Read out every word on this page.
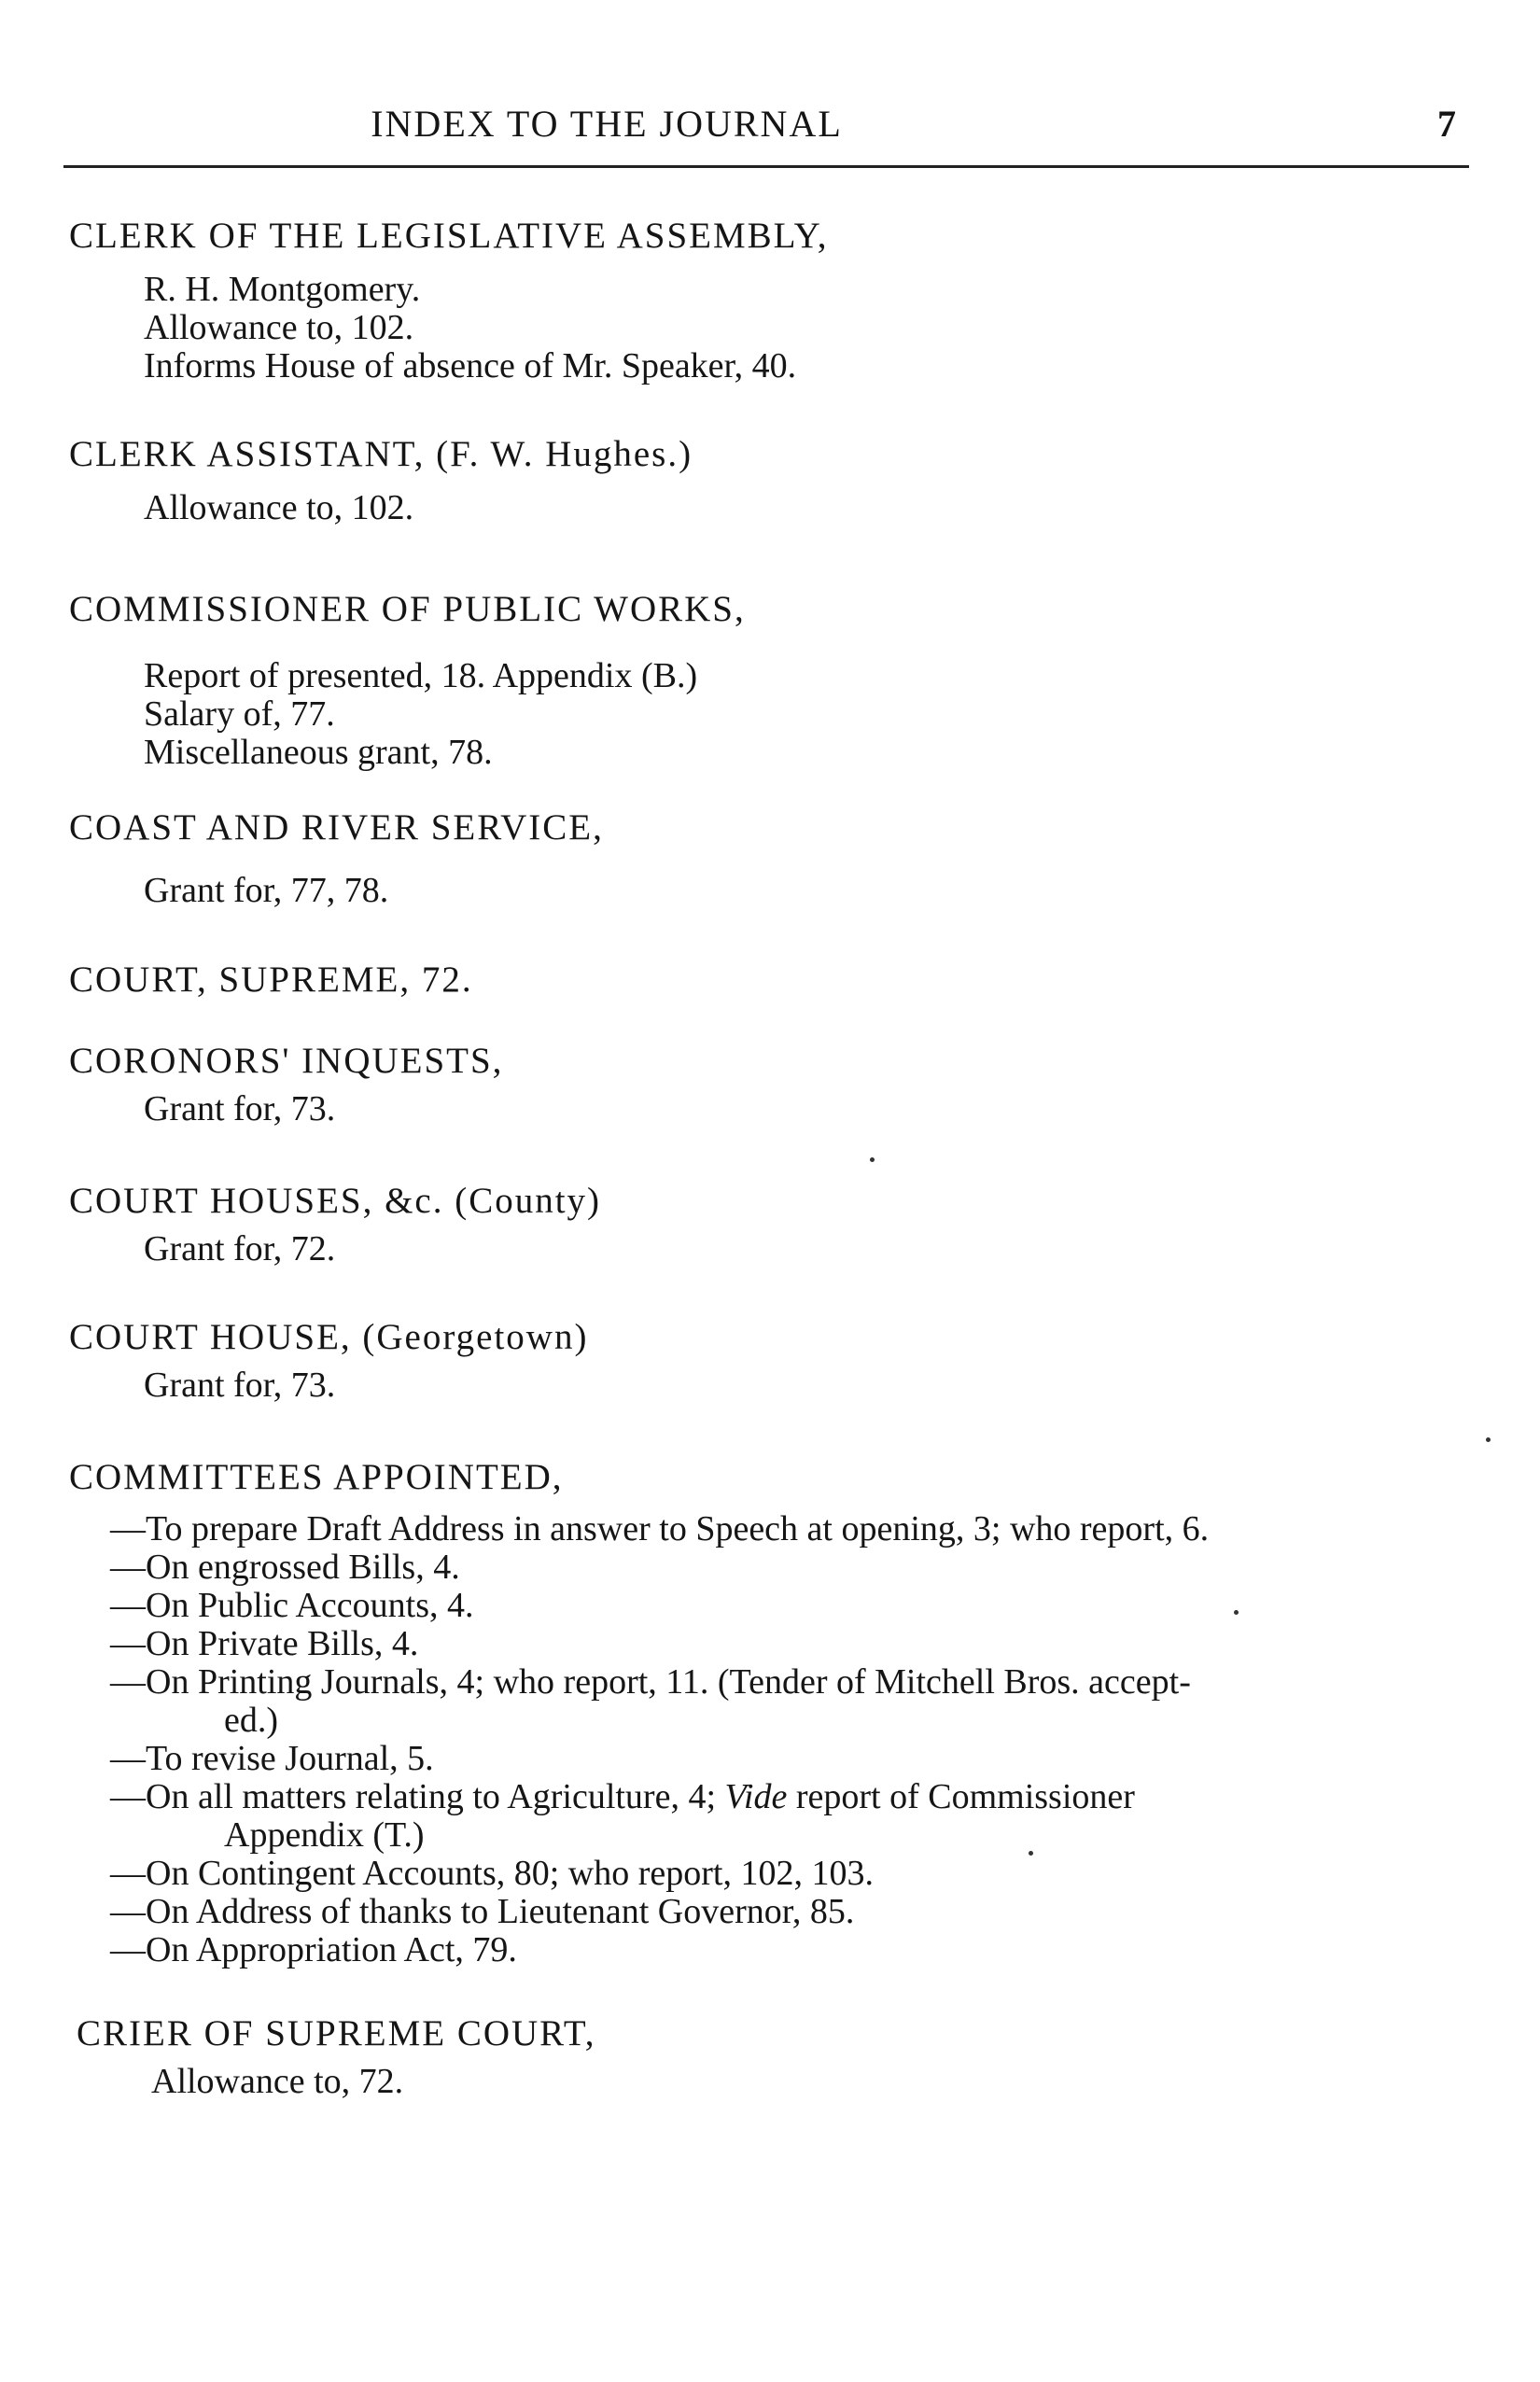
INDEX TO THE JOURNAL	7
CLERK OF THE LEGISLATIVE ASSEMBLY,
R. H. Montgomery.
Allowance to, 102.
Informs House of absence of Mr. Speaker, 40.
CLERK ASSISTANT, (F. W. Hughes.)
Allowance to, 102.
COMMISSIONER OF PUBLIC WORKS,
Report of presented, 18. Appendix (B.)
Salary of, 77.
Miscellaneous grant, 78.
COAST AND RIVER SERVICE,
Grant for, 77, 78.
COURT, SUPREME, 72.
CORONORS' INQUESTS,
Grant for, 73.
COURT HOUSES, &c. (County)
Grant for, 72.
COURT HOUSE, (Georgetown)
Grant for, 73.
COMMITTEES APPOINTED,
—To prepare Draft Address in answer to Speech at opening, 3; who report, 6.
—On engrossed Bills, 4.
—On Public Accounts, 4.
—On Private Bills, 4.
—On Printing Journals, 4; who report, 11. (Tender of Mitchell Bros. accept-
ed.)
—To revise Journal, 5.
—On all matters relating to Agriculture, 4; Vide report of Commissioner
Appendix (T.)
—On Contingent Accounts, 80; who report, 102, 103.
—On Address of thanks to Lieutenant Governor, 85.
—On Appropriation Act, 79.
CRIER OF SUPREME COURT,
Allowance to, 72.
